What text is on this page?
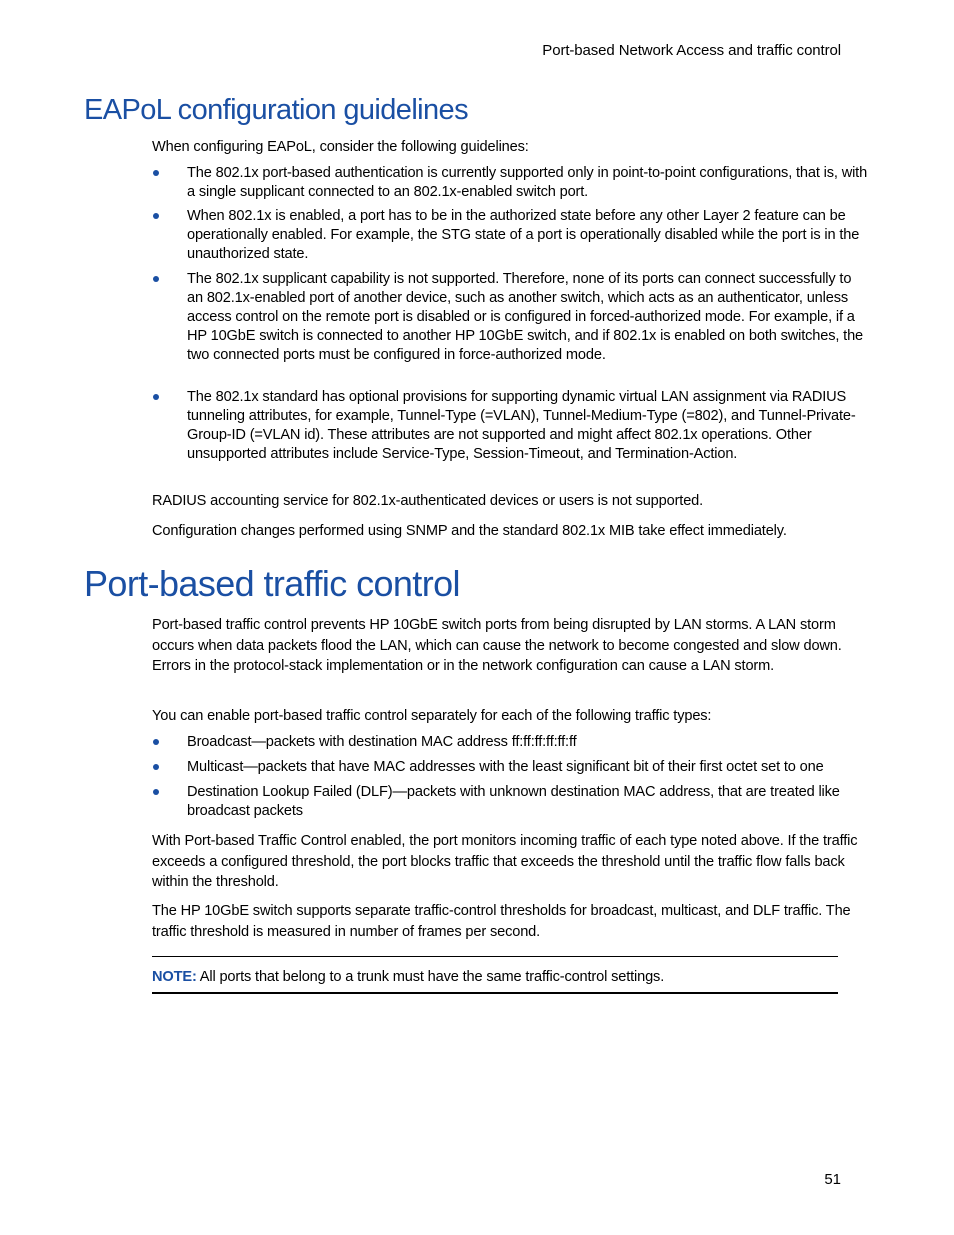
Port-based Network Access and traffic control
EAPoL configuration guidelines

When configuring EAPoL, consider the following guidelines:

The 802.1x port-based authentication is currently supported only in point-to-point configurations, that is, with a single supplicant connected to an 802.1x-enabled switch port.
When 802.1x is enabled, a port has to be in the authorized state before any other Layer 2 feature can be operationally enabled. For example, the STG state of a port is operationally disabled while the port is in the unauthorized state.
The 802.1x supplicant capability is not supported. Therefore, none of its ports can connect successfully to an 802.1x-enabled port of another device, such as another switch, which acts as an authenticator, unless access control on the remote port is disabled or is configured in forced-authorized mode. For example, if a HP 10GbE switch is connected to another HP 10GbE switch, and if 802.1x is enabled on both switches, the two connected ports must be configured in force-authorized mode.
The 802.1x standard has optional provisions for supporting dynamic virtual LAN assignment via RADIUS tunneling attributes, for example, Tunnel-Type (=VLAN), Tunnel-Medium-Type (=802), and Tunnel-Private-Group-ID (=VLAN id). These attributes are not supported and might affect 802.1x operations. Other unsupported attributes include Service-Type, Session-Timeout, and Termination-Action.

RADIUS accounting service for 802.1x-authenticated devices or users is not supported.

Configuration changes performed using SNMP and the standard 802.1x MIB take effect immediately.

Port-based traffic control

Port-based traffic control prevents HP 10GbE switch ports from being disrupted by LAN storms. A LAN storm occurs when data packets flood the LAN, which can cause the network to become congested and slow down. Errors in the protocol-stack implementation or in the network configuration can cause a LAN storm.

You can enable port-based traffic control separately for each of the following traffic types:

Broadcast—packets with destination MAC address ff:ff:ff:ff:ff:ff
Multicast—packets that have MAC addresses with the least significant bit of their first octet set to one
Destination Lookup Failed (DLF)—packets with unknown destination MAC address, that are treated like broadcast packets

With Port-based Traffic Control enabled, the port monitors incoming traffic of each type noted above. If the traffic exceeds a configured threshold, the port blocks traffic that exceeds the threshold until the traffic flow falls back within the threshold.

The HP 10GbE switch supports separate traffic-control thresholds for broadcast, multicast, and DLF traffic. The traffic threshold is measured in number of frames per second.

NOTE: All ports that belong to a trunk must have the same traffic-control settings.
51
